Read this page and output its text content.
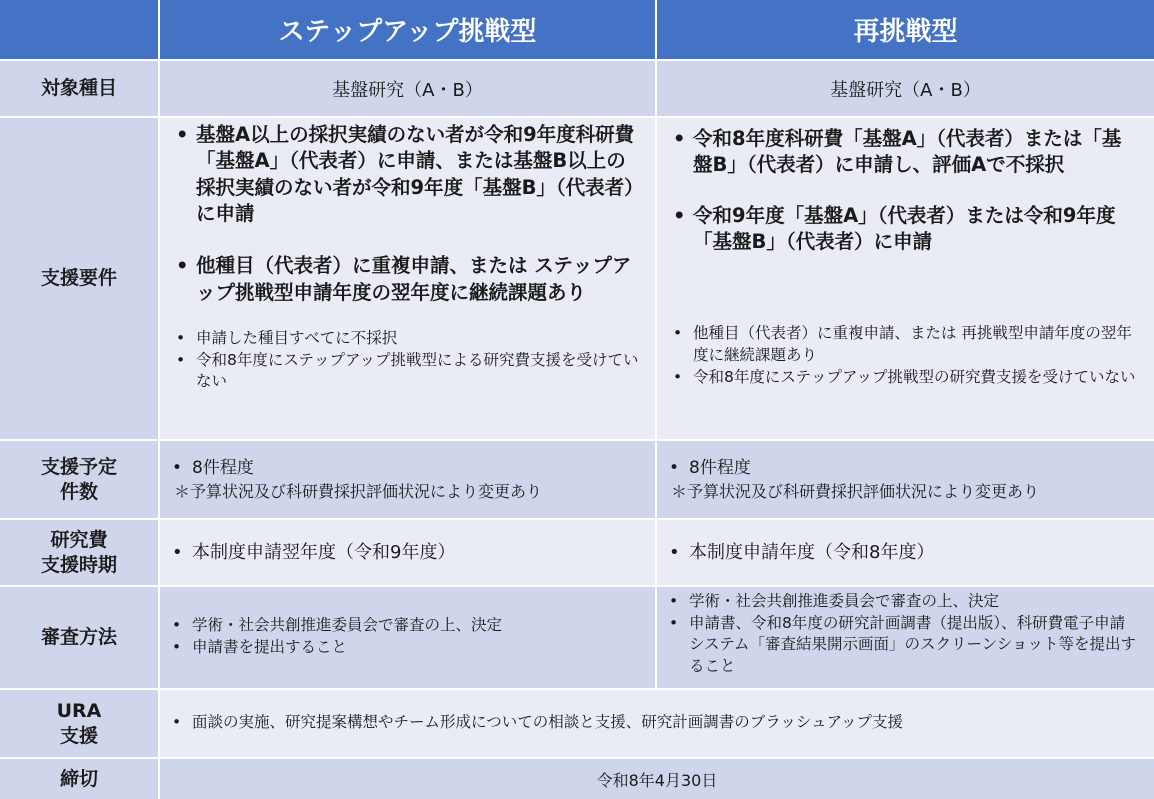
ステップアップ挑戦型	再挑戦型
対象種目	基盤研究（A・B）	基盤研究（A・B）
支援要件
• 基盤A以上の採択実績のない者が令和9年度科研費「基盤A」（代表者）に申請、または基盤B以上の採択実績のない者が令和9年度「基盤B」（代表者）に申請
• 他種目（代表者）に重複申請、または ステップアップ挑戦型申請年度の翌年度に継続課題あり
• 申請した種目すべてに不採択
• 令和8年度にステップアップ挑戦型による研究費支援を受けていない
• 令和8年度科研費「基盤A」（代表者）または「基盤B」（代表者）に申請し、評価Aで不採択
• 令和9年度「基盤A」（代表者）または令和9年度「基盤B」（代表者）に申請
• 他種目（代表者）に重複申請、または 再挑戦型申請年度の翌年度に継続課題あり
• 令和8年度にステップアップ挑戦型の研究費支援を受けていない
支援予定
件数
• 8件程度
＊予算状況及び科研費採択評価状況により変更あり
• 8件程度
＊予算状況及び科研費採択評価状況により変更あり
研究費
支援時期
• 本制度申請翌年度（令和9年度）
•	本制度申請年度（令和8年度）
審査方法
• 学術・社会共創推進委員会で審査の上、決定
• 申請書を提出すること
• 学術・社会共創推進委員会で審査の上、決定
• 申請書、令和8年度の研究計画調書（提出版）、科研費電子申請システム「審査結果開示画面」のスクリーンショット等を提出すること
URA
支援
• 面談の実施、研究提案構想やチーム形成についての相談と支援、研究計画調書のブラッシュアップ支援
締切	令和8年4月30日
